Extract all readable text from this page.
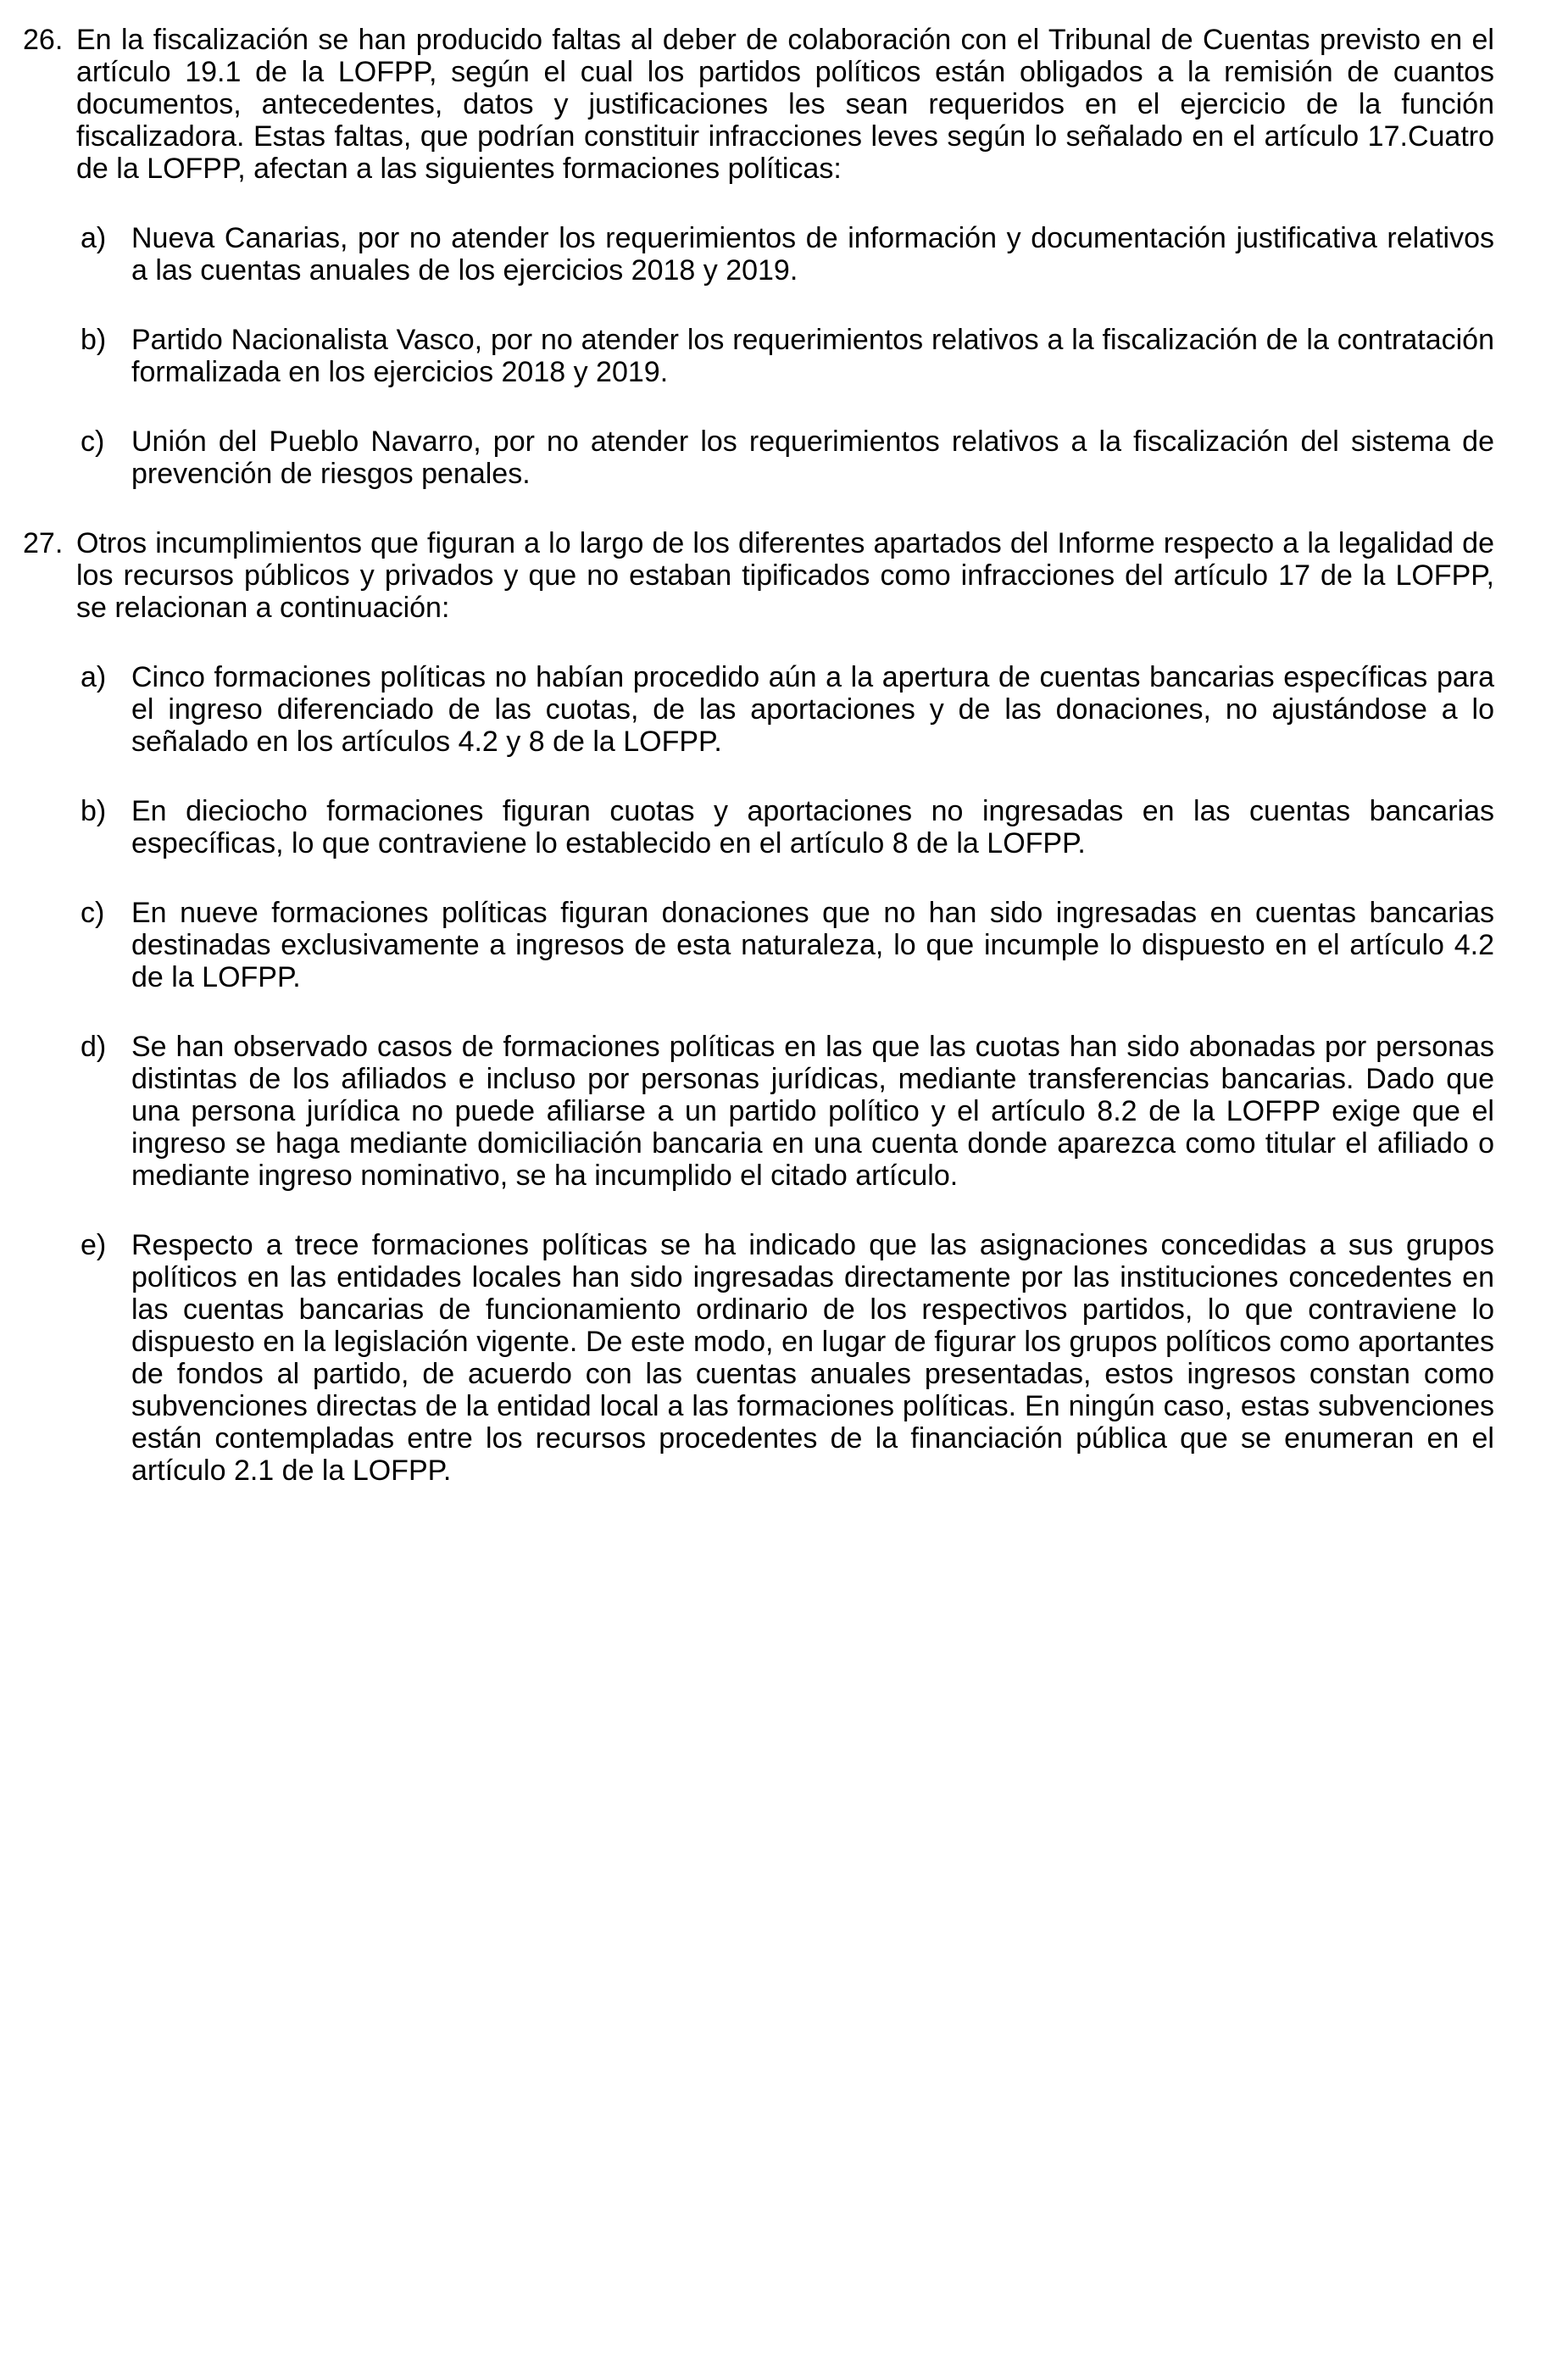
26. En la fiscalización se han producido faltas al deber de colaboración con el Tribunal de Cuentas previsto en el artículo 19.1 de la LOFPP, según el cual los partidos políticos están obligados a la remisión de cuantos documentos, antecedentes, datos y justificaciones les sean requeridos en el ejercicio de la función fiscalizadora. Estas faltas, que podrían constituir infracciones leves según lo señalado en el artículo 17.Cuatro de la LOFPP, afectan a las siguientes formaciones políticas:
a) Nueva Canarias, por no atender los requerimientos de información y documentación justificativa relativos a las cuentas anuales de los ejercicios 2018 y 2019.
b) Partido Nacionalista Vasco, por no atender los requerimientos relativos a la fiscalización de la contratación formalizada en los ejercicios 2018 y 2019.
c) Unión del Pueblo Navarro, por no atender los requerimientos relativos a la fiscalización del sistema de prevención de riesgos penales.
27. Otros incumplimientos que figuran a lo largo de los diferentes apartados del Informe respecto a la legalidad de los recursos públicos y privados y que no estaban tipificados como infracciones del artículo 17 de la LOFPP, se relacionan a continuación:
a) Cinco formaciones políticas no habían procedido aún a la apertura de cuentas bancarias específicas para el ingreso diferenciado de las cuotas, de las aportaciones y de las donaciones, no ajustándose a lo señalado en los artículos 4.2 y 8 de la LOFPP.
b) En dieciocho formaciones figuran cuotas y aportaciones no ingresadas en las cuentas bancarias específicas, lo que contraviene lo establecido en el artículo 8 de la LOFPP.
c) En nueve formaciones políticas figuran donaciones que no han sido ingresadas en cuentas bancarias destinadas exclusivamente a ingresos de esta naturaleza, lo que incumple lo dispuesto en el artículo 4.2 de la LOFPP.
d) Se han observado casos de formaciones políticas en las que las cuotas han sido abonadas por personas distintas de los afiliados e incluso por personas jurídicas, mediante transferencias bancarias. Dado que una persona jurídica no puede afiliarse a un partido político y el artículo 8.2 de la LOFPP exige que el ingreso se haga mediante domiciliación bancaria en una cuenta donde aparezca como titular el afiliado o mediante ingreso nominativo, se ha incumplido el citado artículo.
e) Respecto a trece formaciones políticas se ha indicado que las asignaciones concedidas a sus grupos políticos en las entidades locales han sido ingresadas directamente por las instituciones concedentes en las cuentas bancarias de funcionamiento ordinario de los respectivos partidos, lo que contraviene lo dispuesto en la legislación vigente. De este modo, en lugar de figurar los grupos políticos como aportantes de fondos al partido, de acuerdo con las cuentas anuales presentadas, estos ingresos constan como subvenciones directas de la entidad local a las formaciones políticas. En ningún caso, estas subvenciones están contempladas entre los recursos procedentes de la financiación pública que se enumeran en el artículo 2.1 de la LOFPP.
